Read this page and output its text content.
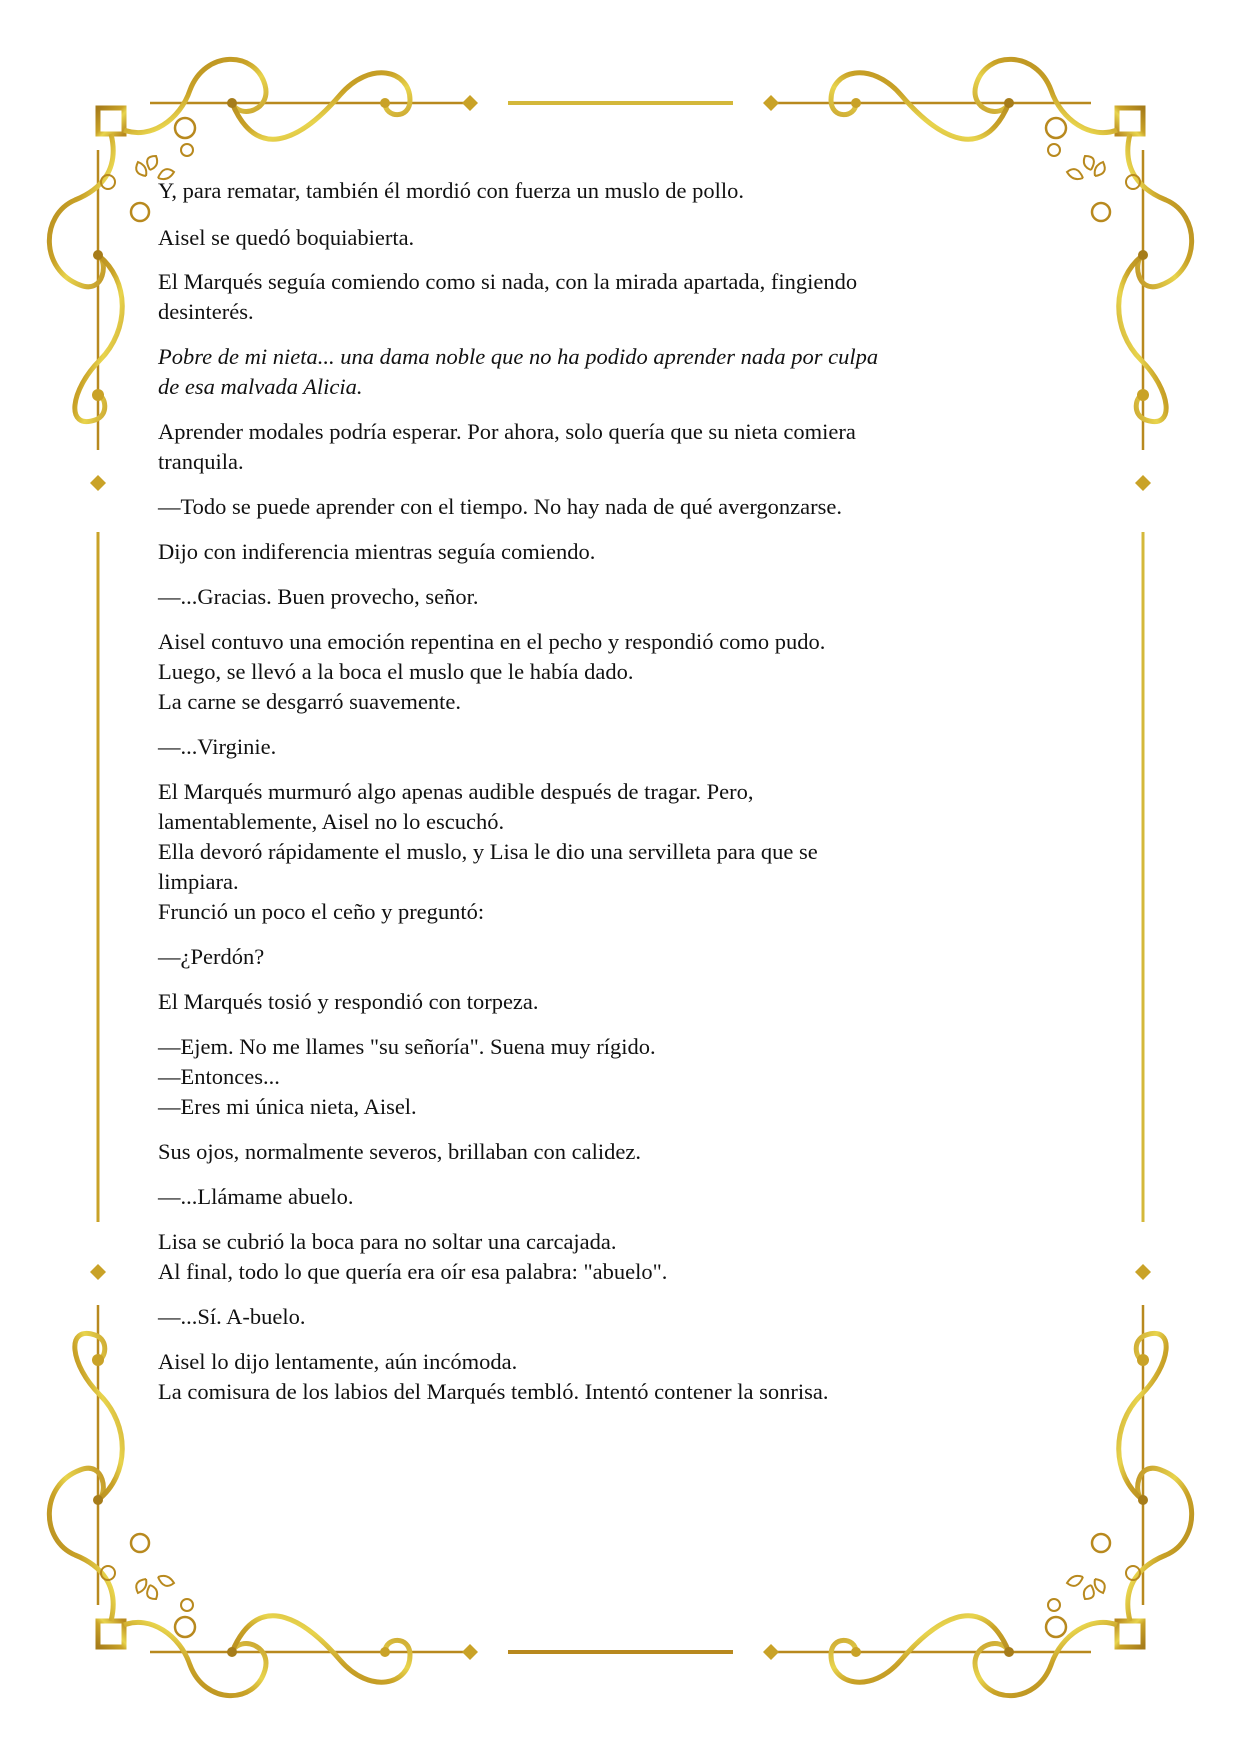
Y, para rematar, también él mordió con fuerza un muslo de pollo.

Aisel se quedó boquiabierta.

El Marqués seguía comiendo como si nada, con la mirada apartada, fingiendo
desinterés.

Pobre de mi nieta... una dama noble que no ha podido aprender nada por culpa
de esa malvada Alicia.

Aprender modales podría esperar. Por ahora, solo quería que su nieta comiera
tranquila.

—Todo se puede aprender con el tiempo. No hay nada de qué avergonzarse.

Dijo con indiferencia mientras seguía comiendo.

—...Gracias. Buen provecho, señor.

Aisel contuvo una emoción repentina en el pecho y respondió como pudo.
Luego, se llevó a la boca el muslo que le había dado.
La carne se desgarró suavemente.

—...Virginie.

El Marqués murmuró algo apenas audible después de tragar. Pero,
lamentablemente, Aisel no lo escuchó.
Ella devoró rápidamente el muslo, y Lisa le dio una servilleta para que se
limpiara.
Frunció un poco el ceño y preguntó:

—¿Perdón?

El Marqués tosió y respondió con torpeza.

—Ejem. No me llames "su señoría". Suena muy rígido.
—Entonces...
—Eres mi única nieta, Aisel.

Sus ojos, normalmente severos, brillaban con calidez.

—...Llámame abuelo.

Lisa se cubrió la boca para no soltar una carcajada.
Al final, todo lo que quería era oír esa palabra: "abuelo".

—...Sí. A-buelo.

Aisel lo dijo lentamente, aún incómoda.
La comisura de los labios del Marqués tembló. Intentó contener la sonrisa.
